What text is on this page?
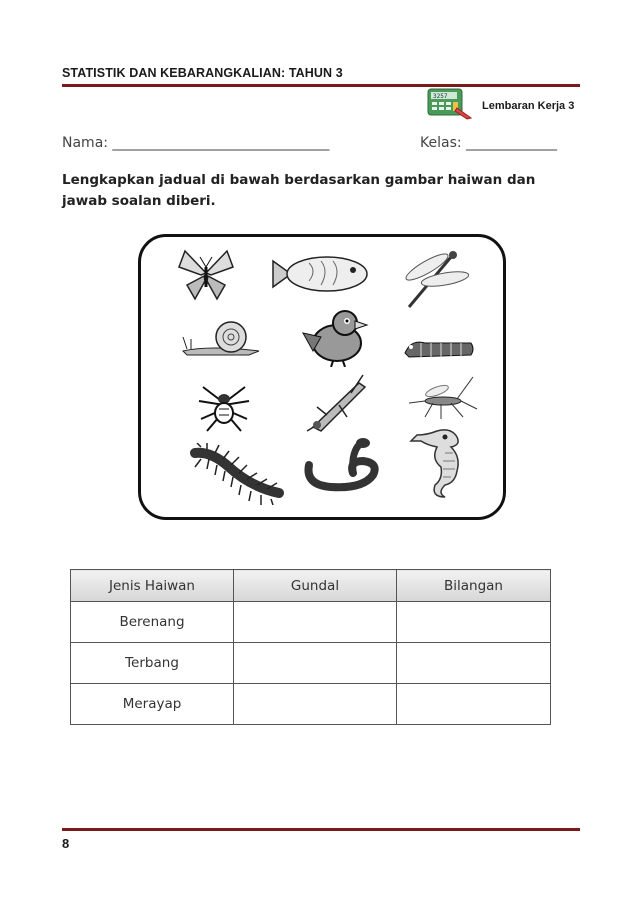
STATISTIK DAN KEBARANGKALIAN: TAHUN 3
3257
Lembaran Kerja 3
Nama: _______________________________	Kelas: _____________
Lengkapkan jadual di bawah berdasarkan gambar haiwan dan jawab soalan diberi.
Jenis Haiwan	Gundal	Bilangan
Berenang		
Terbang		
Merayap		
8
